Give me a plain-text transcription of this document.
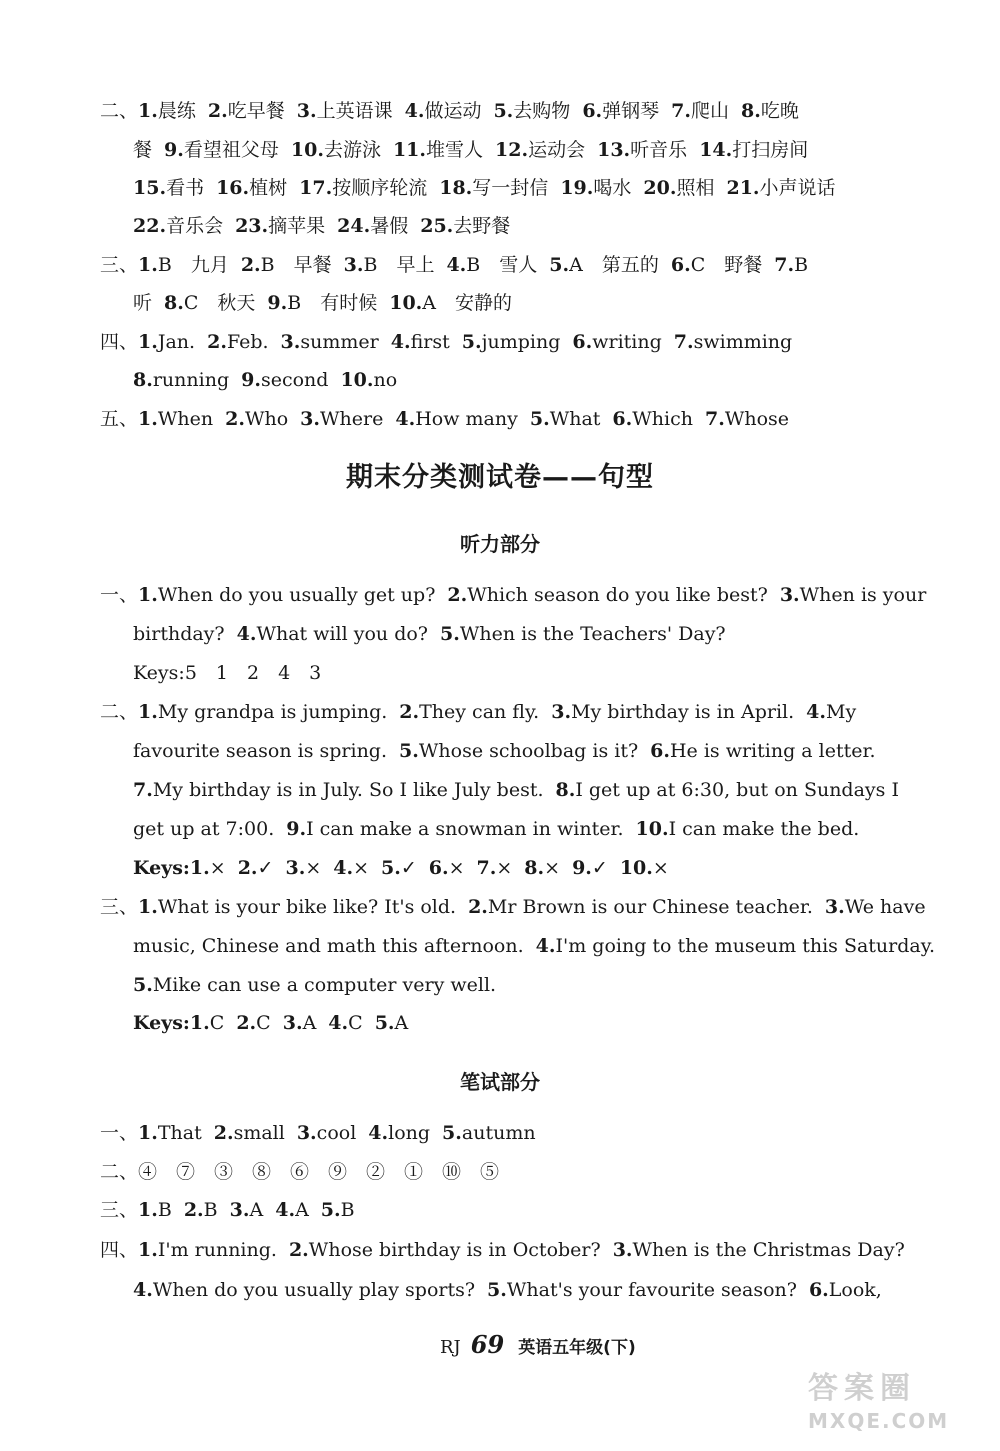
二、1.晨练 2.吃早餐 3.上英语课 4.做运动 5.去购物 6.弹钢琴 7.爬山 8.吃晚
餐 9.看望祖父母 10.去游泳 11.堆雪人 12.运动会 13.听音乐 14.打扫房间
15.看书 16.植树 17.按顺序轮流 18.写一封信 19.喝水 20.照相 21.小声说话
22.音乐会 23.摘苹果 24.暑假 25.去野餐
三、1.B　九月 2.B　早餐 3.B　早上 4.B　雪人 5.A　第五的 6.C　野餐 7.B
听 8.C　秋天 9.B　有时候 10.A　安静的
四、1.Jan. 2.Feb. 3.summer 4.first 5.jumping 6.writing 7.swimming
8.running 9.second 10.no
五、1.When 2.Who 3.Where 4.How many 5.What 6.Which 7.Whose
期末分类测试卷——句型
听力部分
一、1.When do you usually get up? 2.Which season do you like best? 3.When is your
birthday? 4.What will you do? 5.When is the Teachers' Day?
Keys:5　1　2　4　3
二、1.My grandpa is jumping. 2.They can fly. 3.My birthday is in April. 4.My
favourite season is spring. 5.Whose schoolbag is it? 6.He is writing a letter.
7.My birthday is in July. So I like July best. 8.I get up at 6:30, but on Sundays I
get up at 7:00. 9.I can make a snowman in winter. 10.I can make the bed.
Keys:1.× 2.✓ 3.× 4.× 5.✓ 6.× 7.× 8.× 9.✓ 10.×
三、1.What is your bike like? It's old. 2.Mr Brown is our Chinese teacher. 3.We have
music, Chinese and math this afternoon. 4.I'm going to the museum this Saturday.
5.Mike can use a computer very well.
Keys:1.C 2.C 3.A 4.C 5.A
笔试部分
一、1.That 2.small 3.cool 4.long 5.autumn
二、④　⑦　③　⑧　⑥　⑨　②　①　⑩　⑤
三、1.B 2.B 3.A 4.A 5.B
四、1.I'm running. 2.Whose birthday is in October? 3.When is the Christmas Day?
4.When do you usually play sports? 5.What's your favourite season? 6.Look,
RJ 69 英语五年级(下)
答案圈
MXQE.COM
